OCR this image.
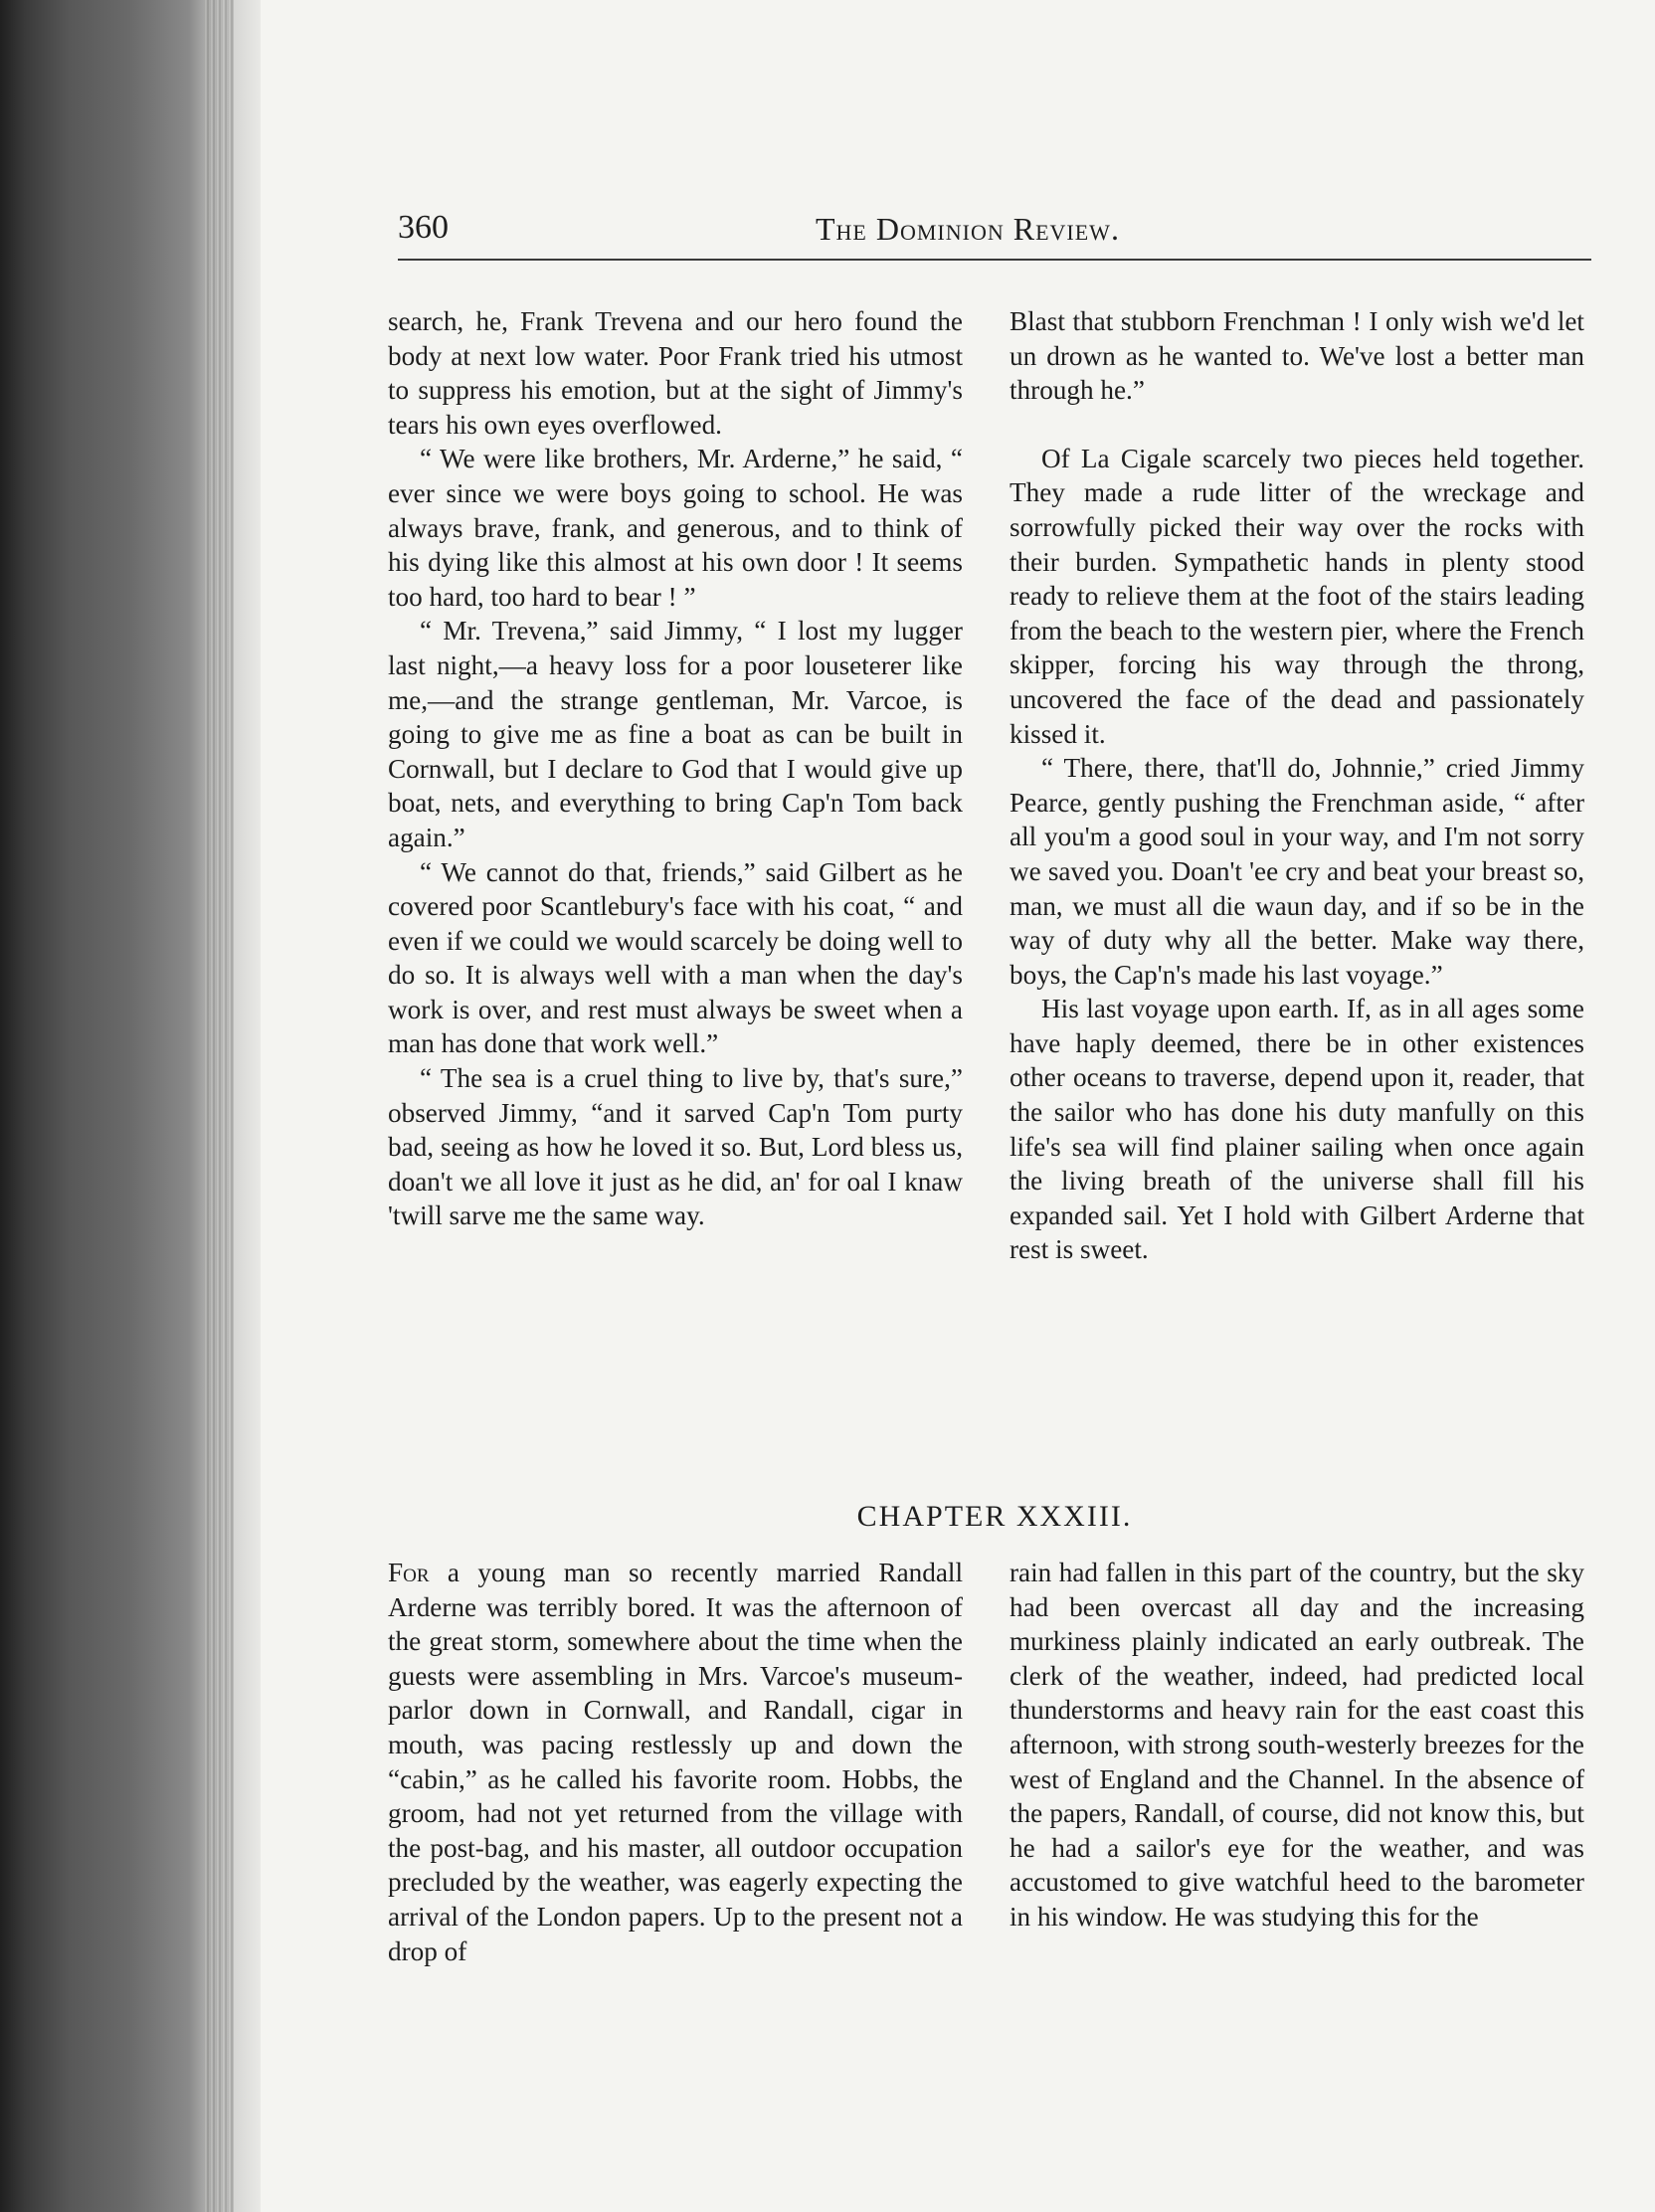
360	The Dominion Review.

search, he, Frank Trevena and our hero found the body at next low water. Poor Frank tried his utmost to suppress his emotion, but at the sight of Jimmy's tears his own eyes overflowed.

“ We were like brothers, Mr. Arderne,” he said, “ ever since we were boys going to school. He was always brave, frank, and generous, and to think of his dying like this almost at his own door ! It seems too hard, too hard to bear ! ”

“ Mr. Trevena,” said Jimmy, “ I lost my lugger last night,—a heavy loss for a poor louseterer like me,—and the strange gentleman, Mr. Varcoe, is going to give me as fine a boat as can be built in Cornwall, but I declare to God that I would give up boat, nets, and everything to bring Cap'n Tom back again.”

“ We cannot do that, friends,” said Gilbert as he covered poor Scantlebury's face with his coat, “ and even if we could we would scarcely be doing well to do so. It is always well with a man when the day's work is over, and rest must always be sweet when a man has done that work well.”

“ The sea is a cruel thing to live by, that's sure,” observed Jimmy, “and it sarved Cap'n Tom purty bad, seeing as how he loved it so. But, Lord bless us, doan't we all love it just as he did, an' for oal I knaw 'twill sarve me the same way.

Blast that stubborn Frenchman ! I only wish we'd let un drown as he wanted to. We've lost a better man through he.”

Of La Cigale scarcely two pieces held together. They made a rude litter of the wreckage and sorrowfully picked their way over the rocks with their burden. Sympathetic hands in plenty stood ready to relieve them at the foot of the stairs leading from the beach to the western pier, where the French skipper, forcing his way through the throng, uncovered the face of the dead and passionately kissed it.

“ There, there, that'll do, Johnnie,” cried Jimmy Pearce, gently pushing the Frenchman aside, “ after all you'm a good soul in your way, and I'm not sorry we saved you. Doan't 'ee cry and beat your breast so, man, we must all die waun day, and if so be in the way of duty why all the better. Make way there, boys, the Cap'n's made his last voyage.”

His last voyage upon earth. If, as in all ages some have haply deemed, there be in other existences other oceans to traverse, depend upon it, reader, that the sailor who has done his duty manfully on this life's sea will find plainer sailing when once again the living breath of the universe shall fill his expanded sail. Yet I hold with Gilbert Arderne that rest is sweet.

CHAPTER XXXIII.

For a young man so recently married Randall Arderne was terribly bored. It was the afternoon of the great storm, somewhere about the time when the guests were assembling in Mrs. Varcoe's museum-parlor down in Cornwall, and Randall, cigar in mouth, was pacing restlessly up and down the “cabin,” as he called his favorite room. Hobbs, the groom, had not yet returned from the village with the post-bag, and his master, all outdoor occupation precluded by the weather, was eagerly expecting the arrival of the London papers. Up to the present not a drop of

rain had fallen in this part of the country, but the sky had been overcast all day and the increasing murkiness plainly indicated an early outbreak. The clerk of the weather, indeed, had predicted local thunderstorms and heavy rain for the east coast this afternoon, with strong south-westerly breezes for the west of England and the Channel. In the absence of the papers, Randall, of course, did not know this, but he had a sailor's eye for the weather, and was accustomed to give watchful heed to the barometer in his window. He was studying this for the
